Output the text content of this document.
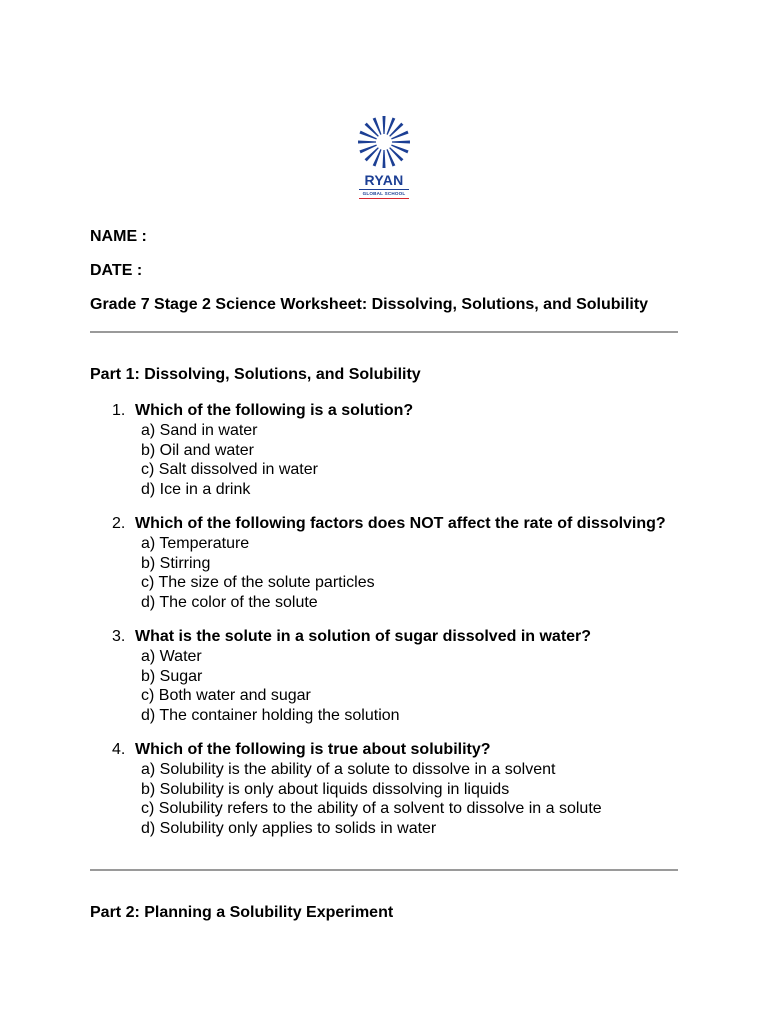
RYAN
GLOBAL SCHOOL
NAME :
DATE :
Grade 7 Stage 2 Science Worksheet: Dissolving, Solutions, and Solubility
Part 1: Dissolving, Solutions, and Solubility
1. Which of the following is a solution?
a) Sand in water
b) Oil and water
c) Salt dissolved in water
d) Ice in a drink
2. Which of the following factors does NOT affect the rate of dissolving?
a) Temperature
b) Stirring
c) The size of the solute particles
d) The color of the solute
3. What is the solute in a solution of sugar dissolved in water?
a) Water
b) Sugar
c) Both water and sugar
d) The container holding the solution
4. Which of the following is true about solubility?
a) Solubility is the ability of a solute to dissolve in a solvent
b) Solubility is only about liquids dissolving in liquids
c) Solubility refers to the ability of a solvent to dissolve in a solute
d) Solubility only applies to solids in water
Part 2: Planning a Solubility Experiment
